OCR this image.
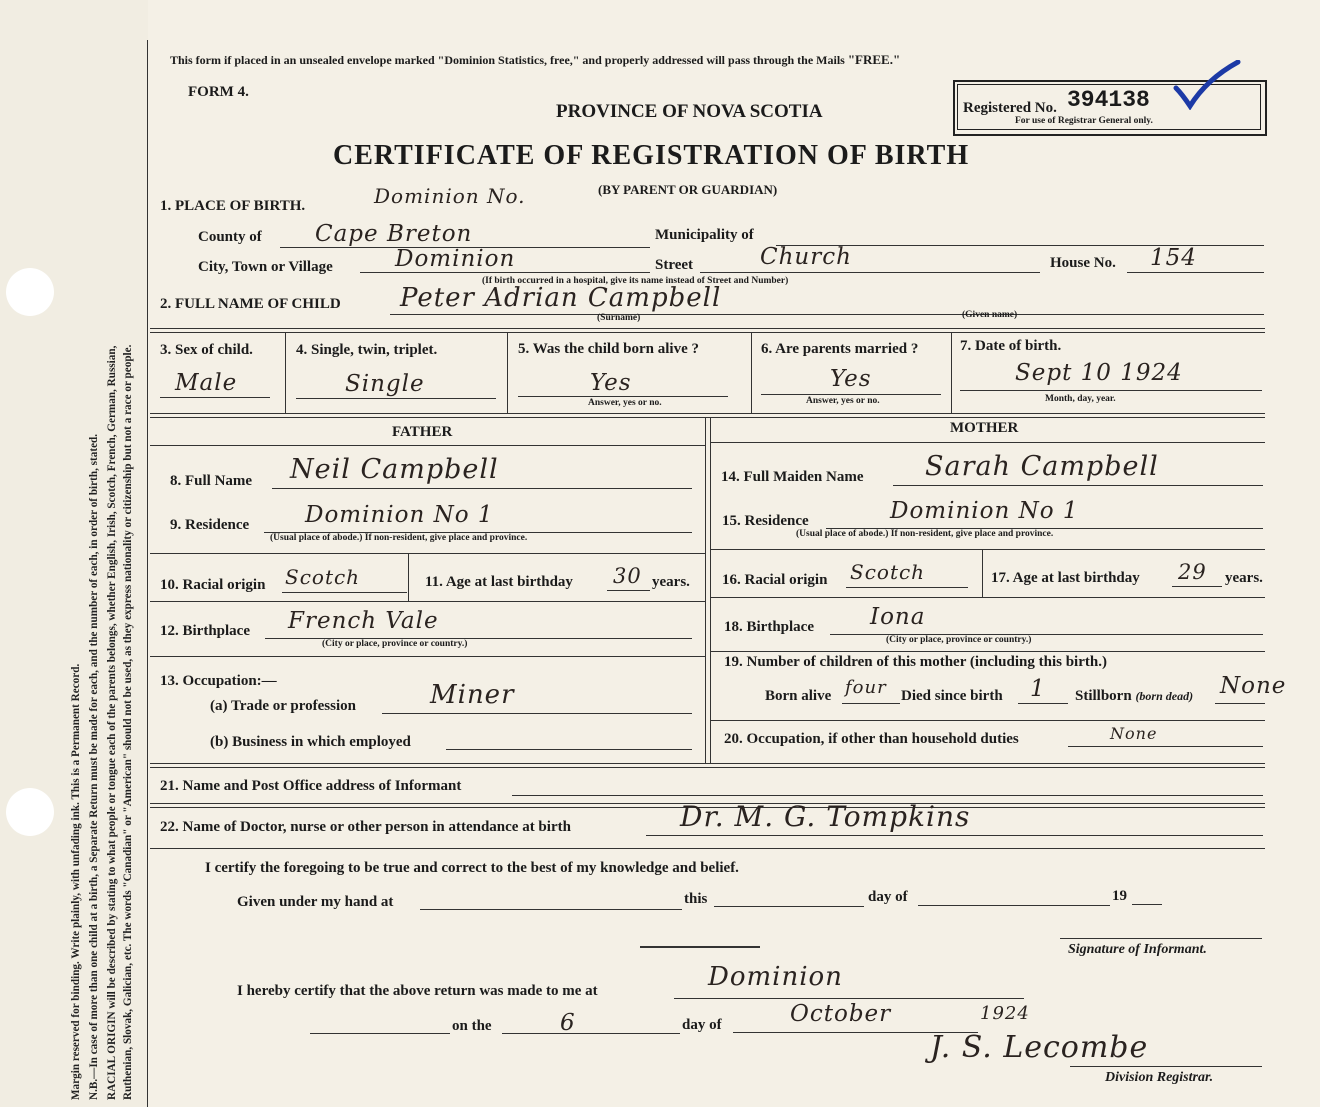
Margin reserved for binding. Write plainly, with unfading ink. This is a Permanent Record. N.B.—In case of more than one child at a birth, a Separate Return must be made for each, and the number of each, in order of birth, stated. RACIAL ORIGIN will be described by stating to what people or tongue each of the parents belongs, whether English, Irish, Scotch, French, German, Russian, Ruthenian, Slovak, Galician, etc. The words "Canadian" or "American" should not be used, as they express nationality or citizenship but not a race or people.
This form if placed in an unsealed envelope marked "Dominion Statistics, free," and properly addressed will pass through the Mails "FREE."
FORM 4.
PROVINCE OF NOVA SCOTIA
CERTIFICATE OF REGISTRATION OF BIRTH
Dominion No.	(BY PARENT OR GUARDIAN)
Registered No. 394138
For use of Registrar General only.
1. PLACE OF BIRTH.
County of Cape Breton	Municipality of
City, Town or Village	Dominion	Street	Church	House No. 154
(If birth occurred in a hospital, give its name instead of Street and Number)
2. FULL NAME OF CHILD Peter Adrian Campbell
(Surname)	(Given name)
3. Sex of child.
Male
4. Single, twin, triplet.
Single
5. Was the child born alive ?
Yes
Answer, yes or no.
6. Are parents married ?
Yes
Answer, yes or no.
7. Date of birth.
Sept 10 1924
Month, day, year.
FATHER	MOTHER
8. Full Name Neil Campbell
9. Residence Dominion No 1
(Usual place of abode.) If non-resident, give place and province.
10. Racial origin Scotch	11. Age at last birthday 30 years.
12. Birthplace French Vale
(City or place, province or country.)
13. Occupation:—
(a) Trade or profession	Miner
(b) Business in which employed
14. Full Maiden Name Sarah Campbell
15. Residence	Dominion No 1
(Usual place of abode.) If non-resident, give place and province.
16. Racial origin Scotch	17. Age at last birthday 29 years.
18. Birthplace Iona
(City or place, province or country.)
19. Number of children of this mother (including this birth.)
Born alive four Died since birth 1 Stillborn (born dead) None
20. Occupation, if other than household duties	None
21. Name and Post Office address of Informant
22. Name of Doctor, nurse or other person in attendance at birth	Dr. M. G. Tompkins
I certify the foregoing to be true and correct to the best of my knowledge and belief.
Given under my hand at	this	day of	19
Signature of Informant.
I hereby certify that the above return was made to me at	Dominion
on the	6	day of	October	1924
J. S. Lecombe
Division Registrar.
